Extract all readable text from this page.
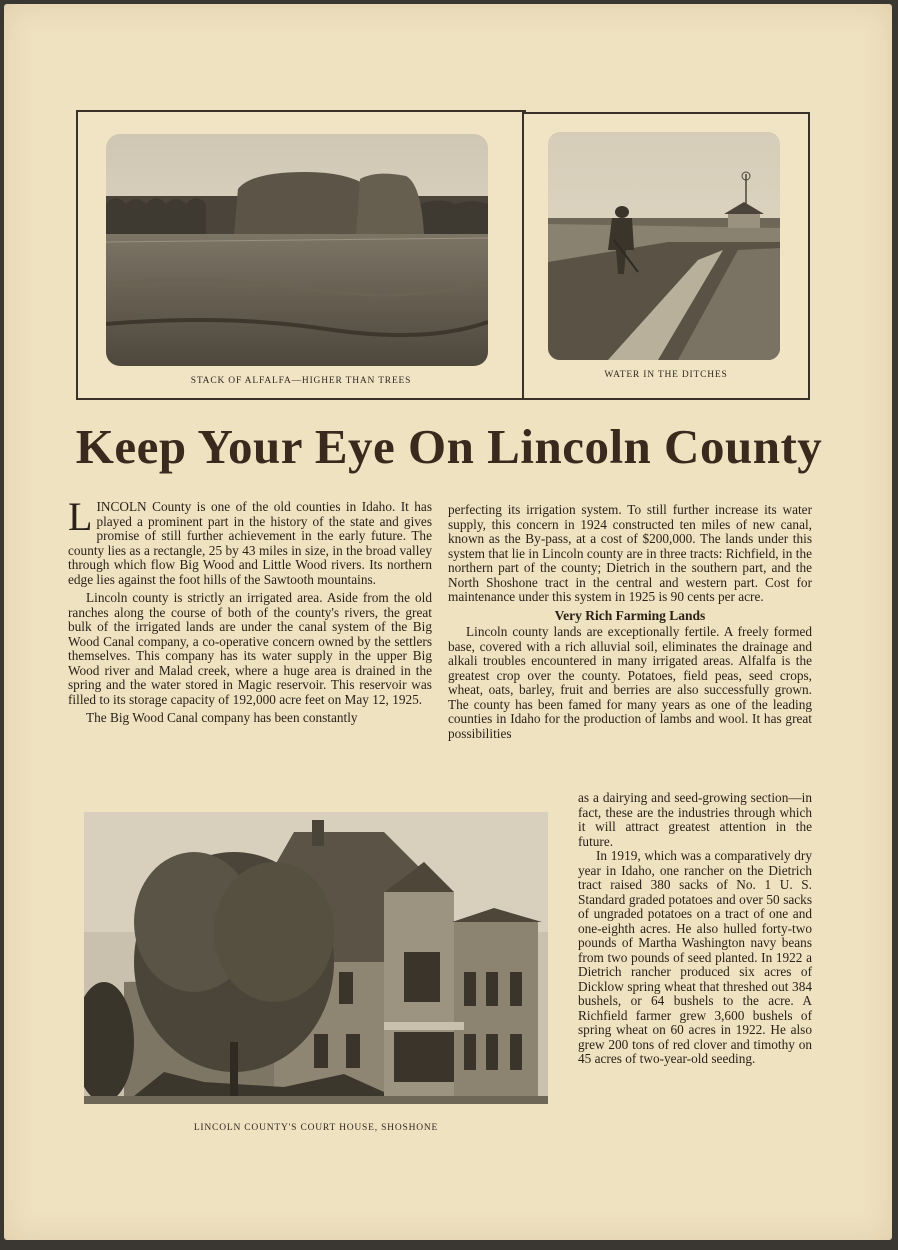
STACK OF ALFALFA—HIGHER THAN TREES
WATER IN THE DITCHES
Keep Your Eye On Lincoln County

LINCOLN County is one of the old counties in Idaho. It has played a prominent part in the history of the state and gives promise of still further achievement in the early future. The county lies as a rectangle, 25 by 43 miles in size, in the broad valley through which flow Big Wood and Little Wood rivers. Its northern edge lies against the foot hills of the Sawtooth mountains.

Lincoln county is strictly an irrigated area. Aside from the old ranches along the course of both of the county's rivers, the great bulk of the irrigated lands are under the canal system of the Big Wood Canal company, a co-operative concern owned by the settlers themselves. This company has its water supply in the upper Big Wood river and Malad creek, where a huge area is drained in the spring and the water stored in Magic reservoir. This reservoir was filled to its storage capacity of 192,000 acre feet on May 12, 1925.

The Big Wood Canal company has been constantly

perfecting its irrigation system. To still further increase its water supply, this concern in 1924 constructed ten miles of new canal, known as the By-pass, at a cost of $200,000. The lands under this system that lie in Lincoln county are in three tracts: Richfield, in the northern part of the county; Dietrich in the southern part, and the North Shoshone tract in the central and western part. Cost for maintenance under this system in 1925 is 90 cents per acre.

Very Rich Farming Lands

Lincoln county lands are exceptionally fertile. A freely formed base, covered with a rich alluvial soil, eliminates the drainage and alkali troubles encountered in many irrigated areas. Alfalfa is the greatest crop over the county. Potatoes, field peas, seed crops, wheat, oats, barley, fruit and berries are also successfully grown. The county has been famed for many years as one of the leading counties in Idaho for the production of lambs and wool. It has great possibilities

LINCOLN COUNTY'S COURT HOUSE, SHOSHONE

as a dairying and seed-growing section—in fact, these are the industries through which it will attract greatest attention in the future.

In 1919, which was a comparatively dry year in Idaho, one rancher on the Dietrich tract raised 380 sacks of No. 1 U. S. Standard graded potatoes and over 50 sacks of ungraded potatoes on a tract of one and one-eighth acres. He also hulled forty-two pounds of Martha Washington navy beans from two pounds of seed planted. In 1922 a Dietrich rancher produced six acres of Dicklow spring wheat that threshed out 384 bushels, or 64 bushels to the acre. A Richfield farmer grew 3,600 bushels of spring wheat on 60 acres in 1922. He also grew 200 tons of red clover and timothy on 45 acres of two-year-old seeding.
